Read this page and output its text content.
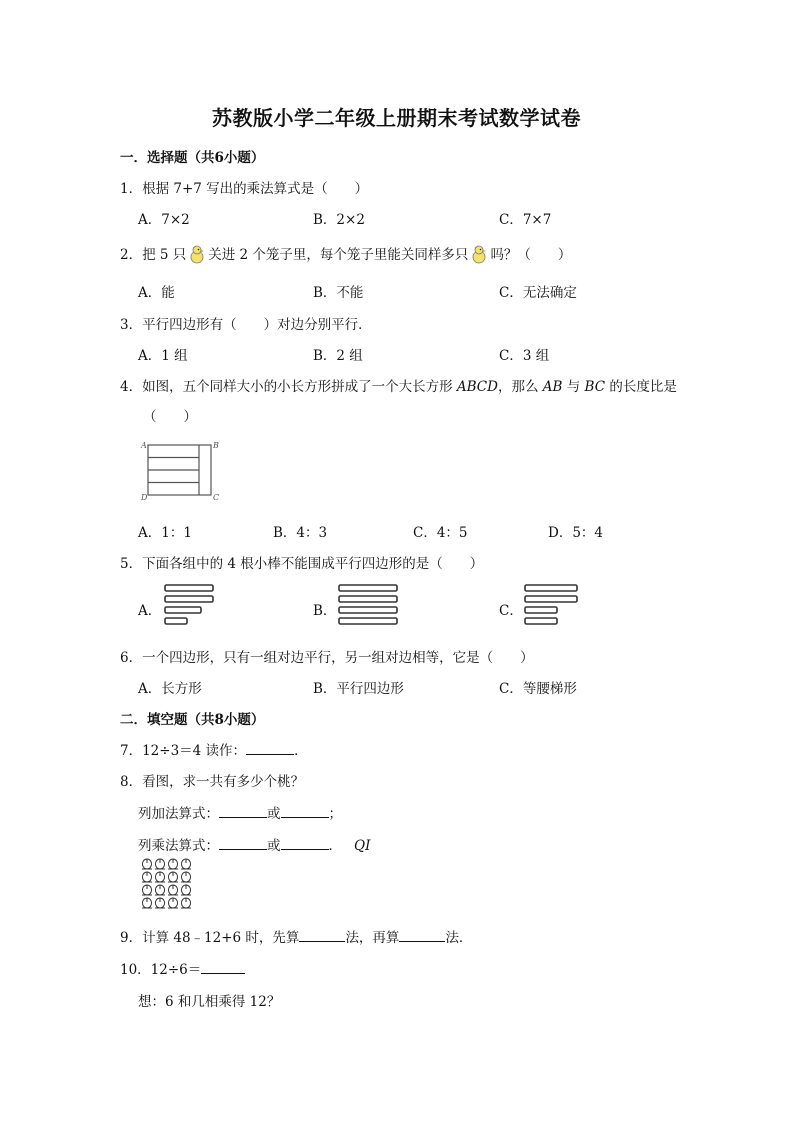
苏教版小学二年级上册期末考试数学试卷
一．选择题（共6小题）
1．根据 7+7 写出的乘法算式是（　　）
A．7×2	B．2×2	C．7×7
2．把 5 只 关进 2 个笼子里，每个笼子里能关同样多只 吗？（　　）
A．能	B．不能	C．无法确定
3．平行四边形有（　　）对边分别平行．
A．1 组	B．2 组	C．3 组
4．如图，五个同样大小的小长方形拼成了一个大长方形 ABCD，那么 AB 与 BC 的长度比是
（　　）
A	B
C
D
A．1：1	B．4：3	C．4：5	D．5：4
5．下面各组中的 4 根小棒不能围成平行四边形的是（　　）
A．	B．	C．
6．一个四边形，只有一组对边平行，另一组对边相等，它是（　　）
A．长方形	B．平行四边形	C．等腰梯形
二．填空题（共8小题）
7．12÷3＝4 读作：	．
8．看图，求一共有多少个桃？
列加法算式：	或	；
列乘法算式：	或	． QI
9．计算 48﹣12+6 时，先算	法，再算	法．
10．12÷6＝
想：6 和几相乘得 12？
